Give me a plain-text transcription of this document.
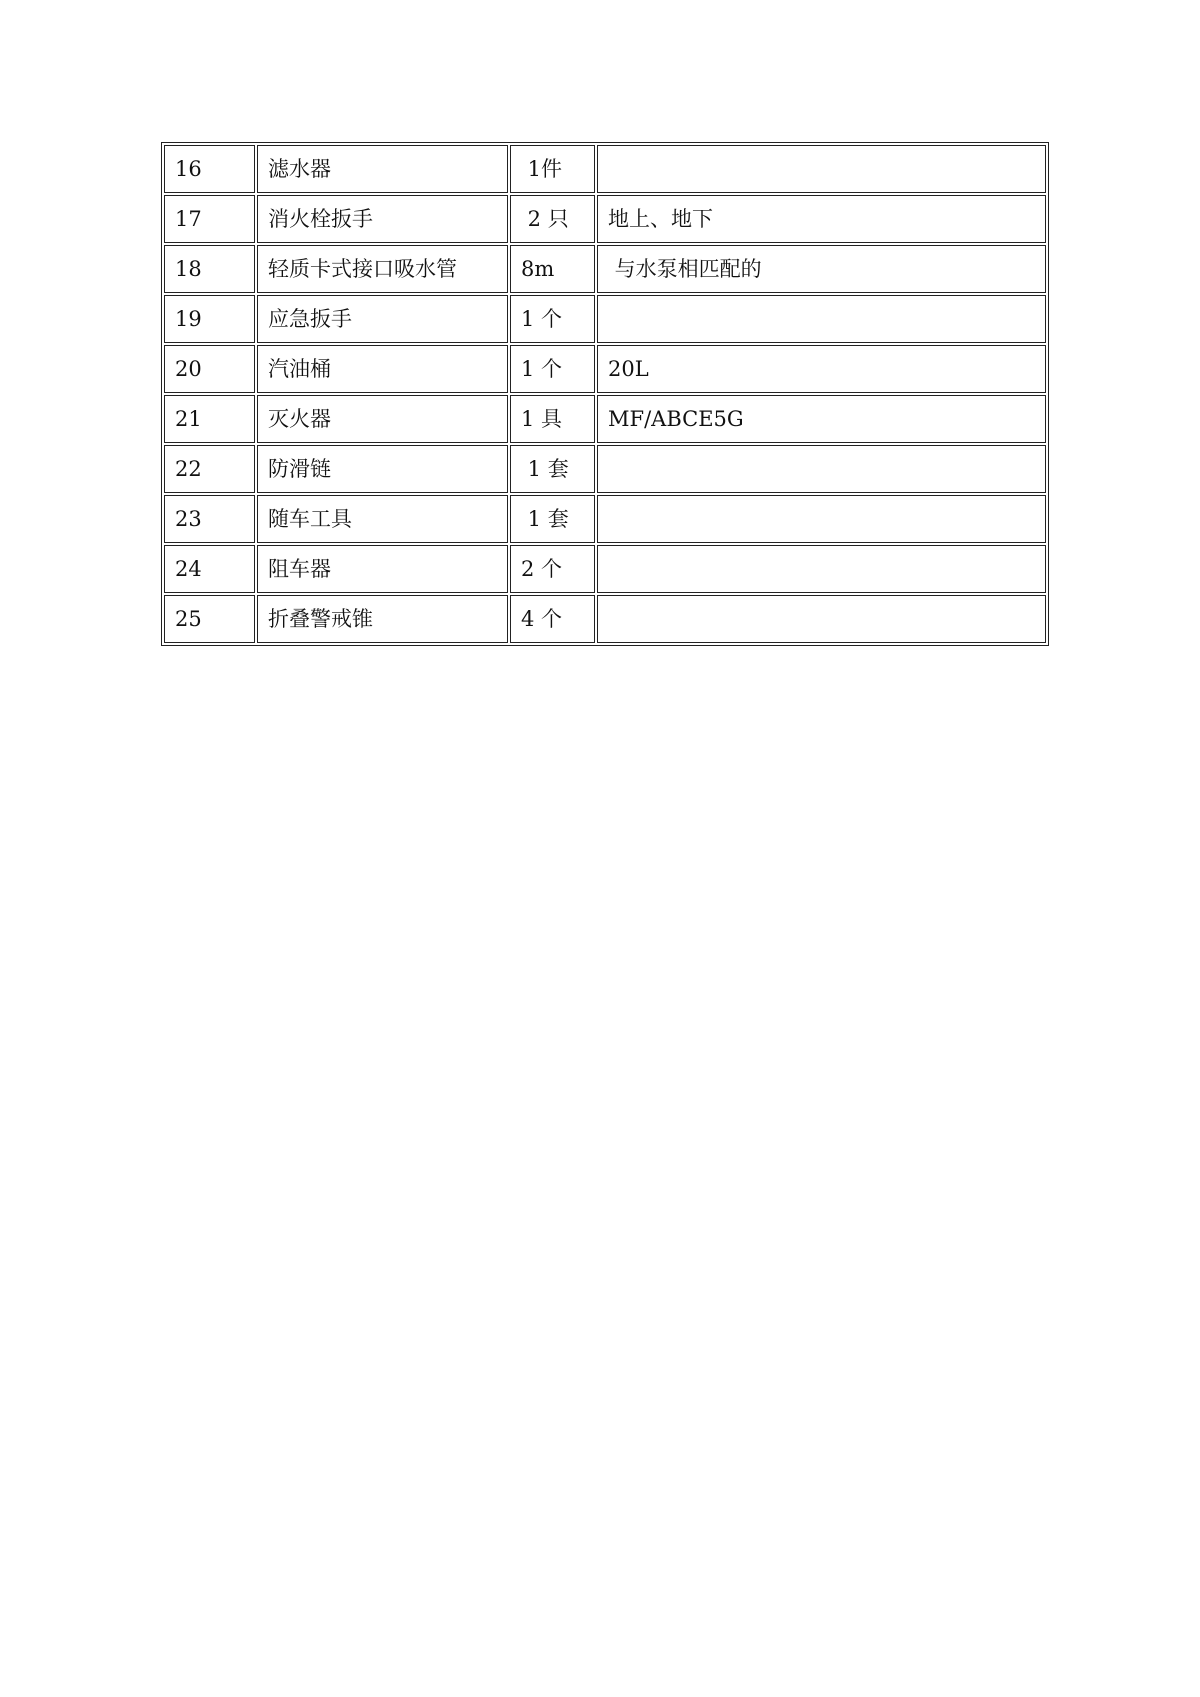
16	滤水器	1件	
17	消火栓扳手	2 只	地上、地下
18	轻质卡式接口吸水管	8m	与水泵相匹配的
19	应急扳手	1 个	
20	汽油桶	1 个	20L
21	灭火器	1 具	MF/ABCE5G
22	防滑链	1 套	
23	随车工具	1 套	
24	阻车器	2 个	
25	折叠警戒锥	4 个	
